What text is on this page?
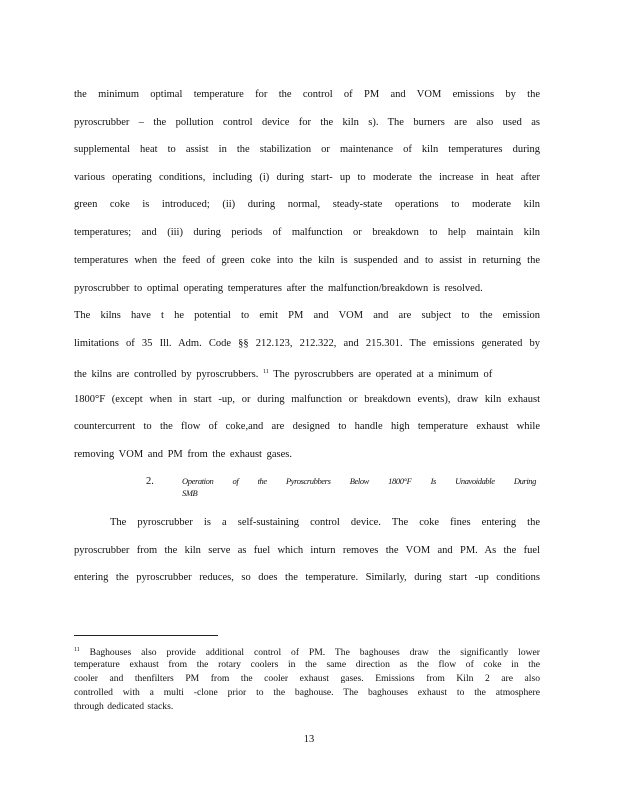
the minimum optimal temperature for the control of PM and VOM emissions by the
pyroscrubber – the pollution control device for the kiln s). The burners are also used as
supplemental heat to assist in the stabilization or maintenance of kiln temperatures during
various operating conditions, including (i) during start- up to moderate the increase in heat after
green coke is introduced; (ii) during normal, steady-state operations to moderate kiln
temperatures; and (iii) during periods of malfunction or breakdown to help maintain kiln
temperatures when the feed of green coke into the kiln is suspended and to assist in returning the
pyroscrubber to optimal operating temperatures after the malfunction/breakdown is resolved.
The kilns have t he potential to emit PM and VOM and are subject to the emission
limitations of 35 Ill. Adm. Code §§ 212.123, 212.322, and 215.301. The emissions generated by
the kilns are controlled by pyroscrubbers. $^{11}$ The pyroscrubbers are operated at a minimum of
1800°F (except when in start -up, or during malfunction or breakdown events), draw kiln exhaust
countercurrent to the flow of coke,and are designed to handle high temperature exhaust while
removing VOM and PM from the exhaust gases.
2.	Operation of the Pyroscrubbers Below 1800°F Is Unavoidable During
SMB
The pyroscrubber is a self-sustaining control device. The coke fines entering the
pyroscrubber from the kiln serve as fuel which inturn removes the VOM and PM. As the fuel
entering the pyroscrubber reduces, so does the temperature. Similarly, during start -up conditions
$^{11}$ Baghouses also provide additional control of PM. The baghouses draw the significantly lower
temperature exhaust from the rotary coolers in the same direction as the flow of coke in the
cooler and thenfilters PM from the cooler exhaust gases. Emissions from Kiln 2 are also
controlled with a multi -clone prior to the baghouse. The baghouses exhaust to the atmosphere
through dedicated stacks.
13
